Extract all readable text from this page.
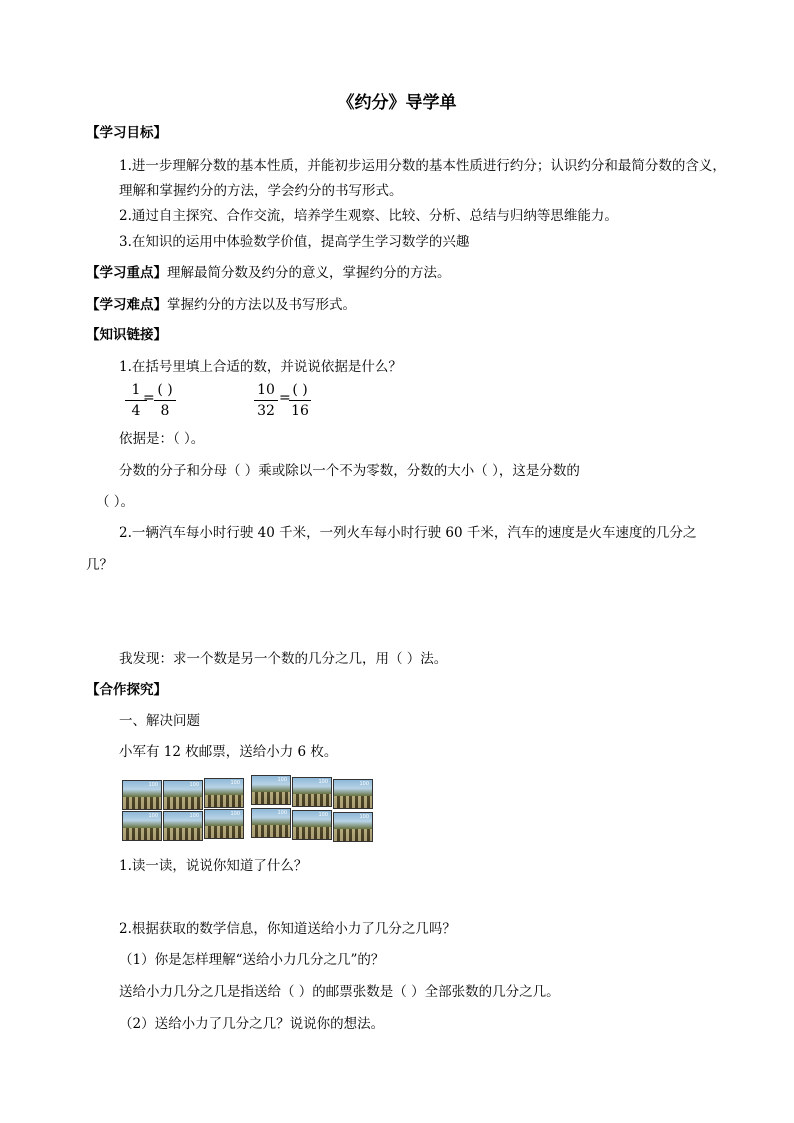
《约分》导学单
【学习目标】
1.进一步理解分数的基本性质，并能初步运用分数的基本性质进行约分；认识约分和最简分数的含义，
理解和掌握约分的方法，学会约分的书写形式。
2.通过自主探究、合作交流，培养学生观察、比较、分析、总结与归纳等思维能力。
3.在知识的运用中体验数学价值，提高学生学习数学的兴趣
【学习重点】理解最简分数及约分的意义，掌握约分的方法。
【学习难点】掌握约分的方法以及书写形式。
【知识链接】
1.在括号里填上合适的数，并说说依据是什么？
$\frac{1}{4}$
= ( )
8	$\frac{10}{32}$ = ( )
16
依据是：（ ）。
分数的分子和分母（ ）乘或除以一个不为零数，分数的大小（ ），这是分数的
（ ）。
2.一辆汽车每小时行驶 40 千米，一列火车每小时行驶 60 千米，汽车的速度是火车速度的几分之
几？
我发现：求一个数是另一个数的几分之几，用（ ）法。
【合作探究】
一、解决问题
小军有 12 枚邮票，送给小力 6 枚。
100	100	100
100	100	100
100	100	100
100	100	100
1.读一读，说说你知道了什么？
2.根据获取的数学信息，你知道送给小力了几分之几吗？
（1）你是怎样理解“送给小力几分之几”的？
送给小力几分之几是指送给（ ）的邮票张数是（ ）全部张数的几分之几。
（2）送给小力了几分之几？说说你的想法。
